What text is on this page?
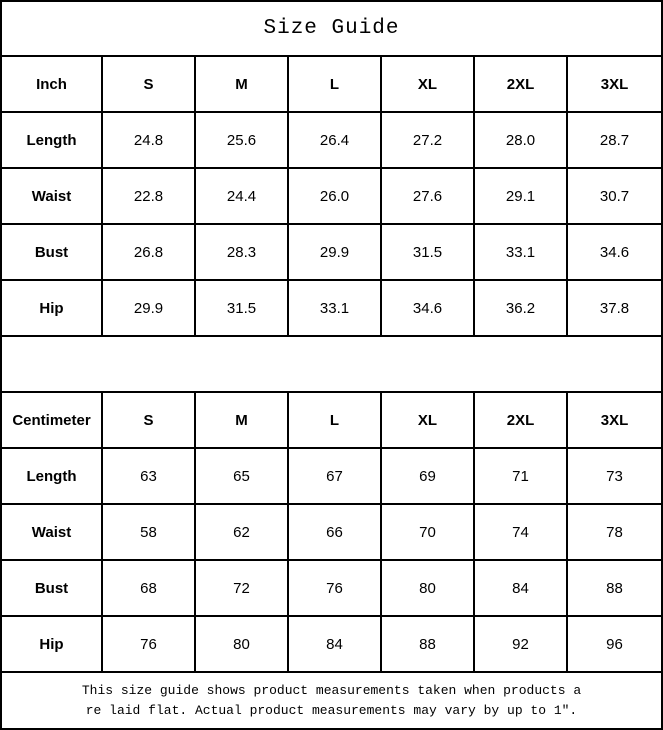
Size Guide
Inch	S	M	L	XL	2XL	3XL
Length	24.8	25.6	26.4	27.2	28.0	28.7
Waist	22.8	24.4	26.0	27.6	29.1	30.7
Bust	26.8	28.3	29.9	31.5	33.1	34.6
Hip	29.9	31.5	33.1	34.6	36.2	37.8
Centimeter	S	M	L	XL	2XL	3XL
Length	63	65	67	69	71	73
Waist	58	62	66	70	74	78
Bust	68	72	76	80	84	88
Hip	76	80	84	88	92	96
This size guide shows product measurements taken when products a
re laid flat. Actual product measurements may vary by up to 1″.
